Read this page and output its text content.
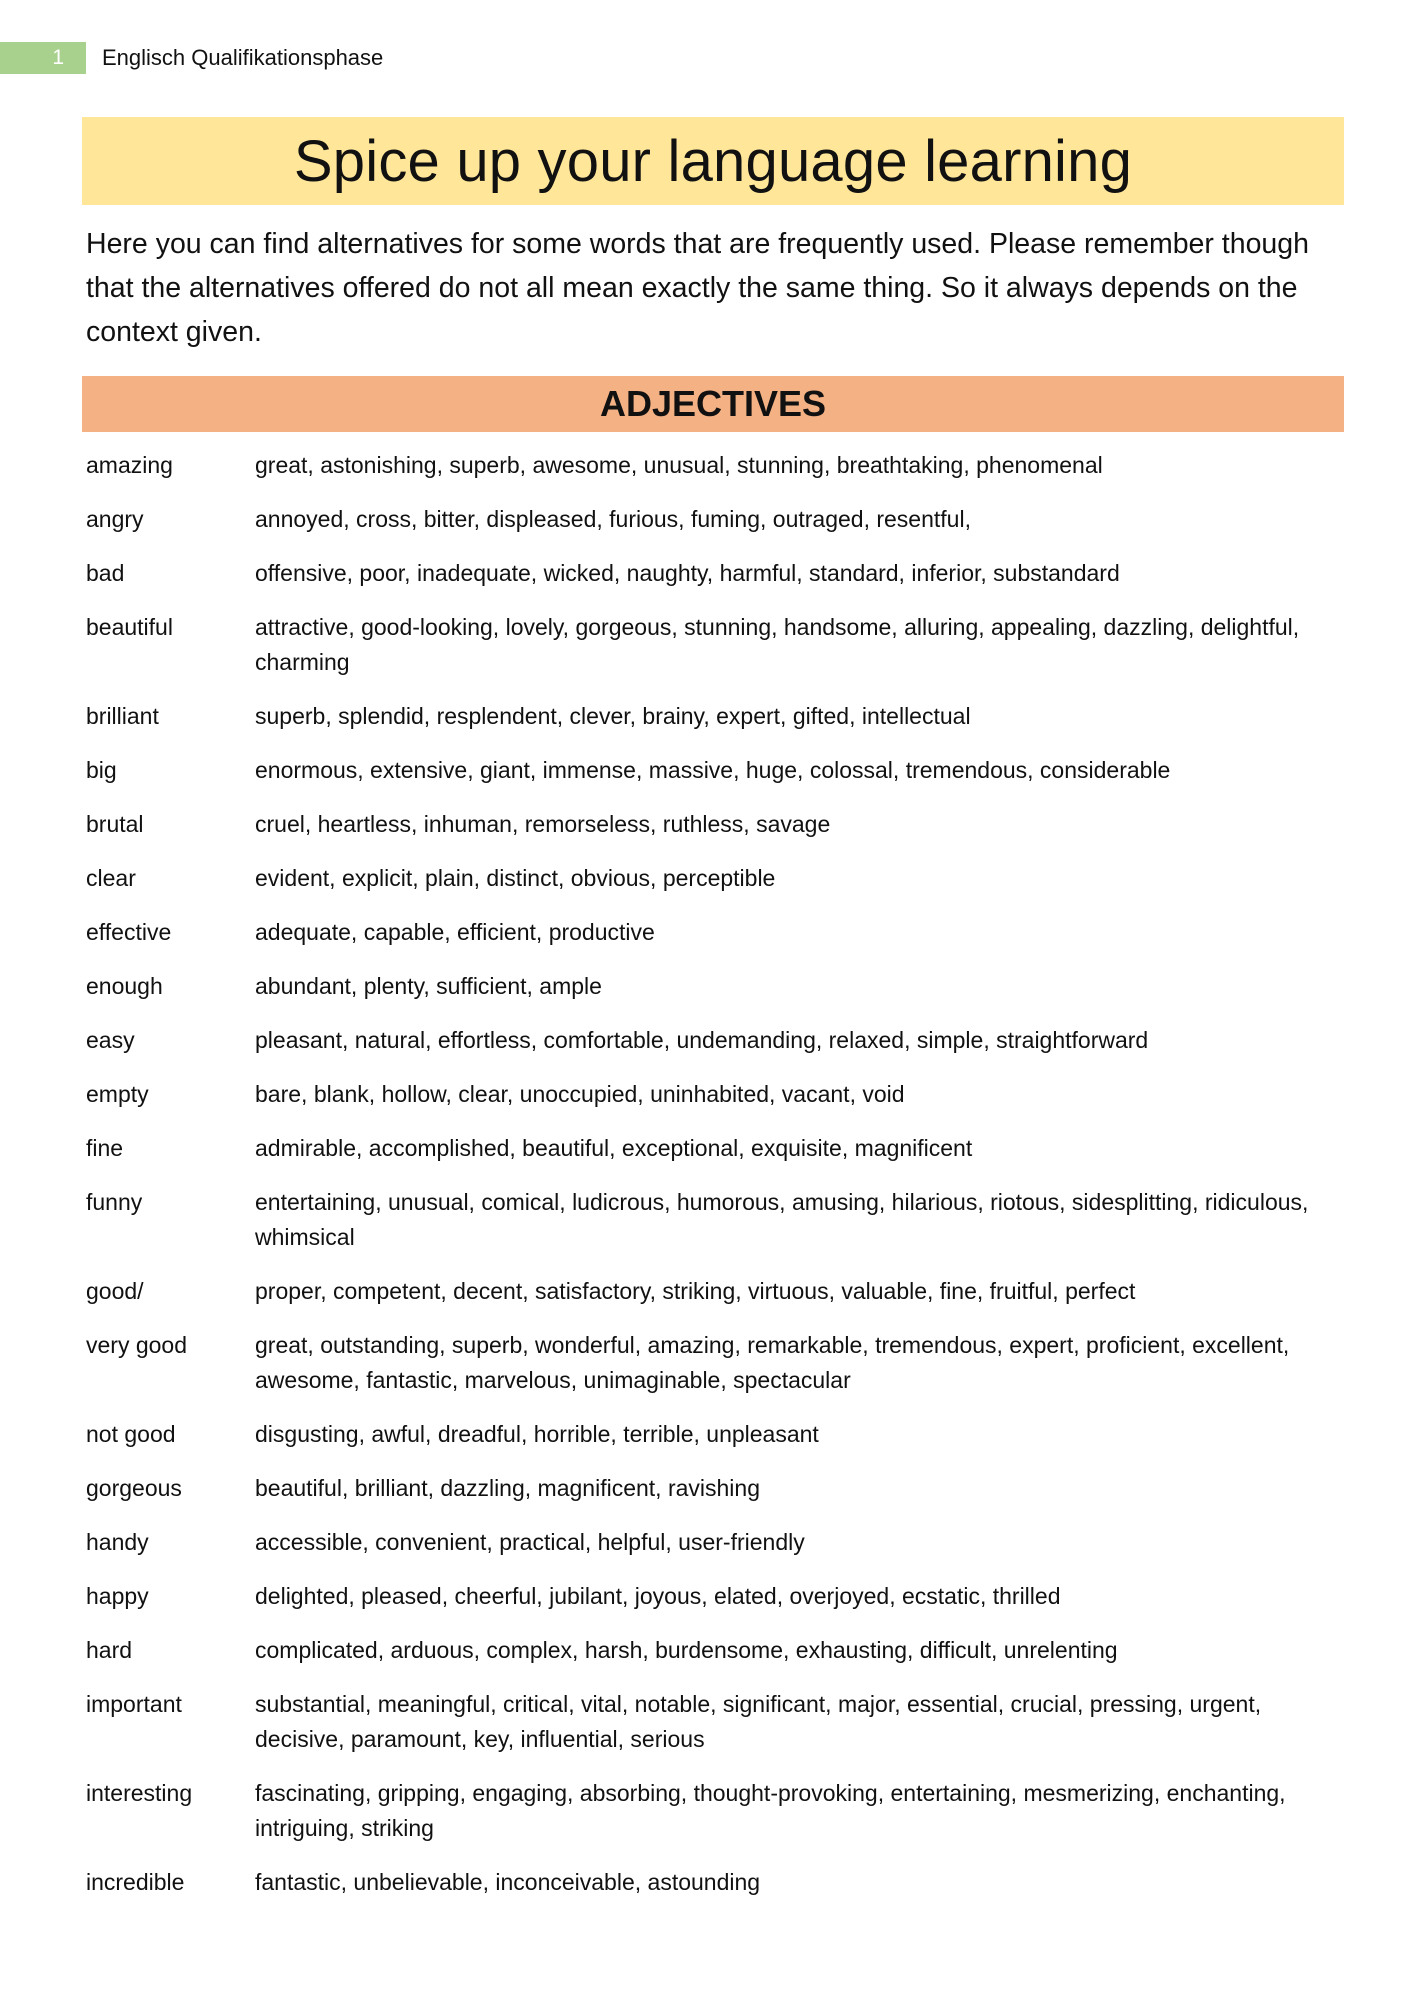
1	Englisch Qualifikationsphase
Spice up your language learning

Here you can find alternatives for some words that are frequently used. Please remember though that the alternatives offered do not all mean exactly the same thing. So it always depends on the context given.

ADJECTIVES
amazing	great, astonishing, superb, awesome, unusual, stunning, breathtaking, phenomenal
angry	annoyed, cross, bitter, displeased, furious, fuming, outraged, resentful,
bad	offensive, poor, inadequate, wicked, naughty, harmful, standard, inferior, substandard
beautiful	attractive, good-looking, lovely, gorgeous, stunning, handsome, alluring, appealing, dazzling, delightful, charming
brilliant	superb, splendid, resplendent, clever, brainy, expert, gifted, intellectual
big	enormous, extensive, giant, immense, massive, huge, colossal, tremendous, considerable
brutal	cruel, heartless, inhuman, remorseless, ruthless, savage
clear	evident, explicit, plain, distinct, obvious, perceptible
effective	adequate, capable, efficient, productive
enough	abundant, plenty, sufficient, ample
easy	pleasant, natural, effortless, comfortable, undemanding, relaxed, simple, straightforward
empty	bare, blank, hollow, clear, unoccupied, uninhabited, vacant, void
fine	admirable, accomplished, beautiful, exceptional, exquisite, magnificent
funny	entertaining, unusual, comical, ludicrous, humorous, amusing, hilarious, riotous, sidesplitting, ridiculous, whimsical
good/	proper, competent, decent, satisfactory, striking, virtuous, valuable, fine, fruitful, perfect
very good	great, outstanding, superb, wonderful, amazing, remarkable, tremendous, expert, proficient, excellent, awesome, fantastic, marvelous, unimaginable, spectacular
not good	disgusting, awful, dreadful, horrible, terrible, unpleasant
gorgeous	beautiful, brilliant, dazzling, magnificent, ravishing
handy	accessible, convenient, practical, helpful, user-friendly
happy	delighted, pleased, cheerful, jubilant, joyous, elated, overjoyed, ecstatic, thrilled
hard	complicated, arduous, complex, harsh, burdensome, exhausting, difficult, unrelenting
important	substantial, meaningful, critical, vital, notable, significant, major, essential, crucial, pressing, urgent, decisive, paramount, key, influential, serious
interesting	fascinating, gripping, engaging, absorbing, thought-provoking, entertaining, mesmerizing, enchanting, intriguing, striking
incredible	fantastic, unbelievable, inconceivable, astounding
